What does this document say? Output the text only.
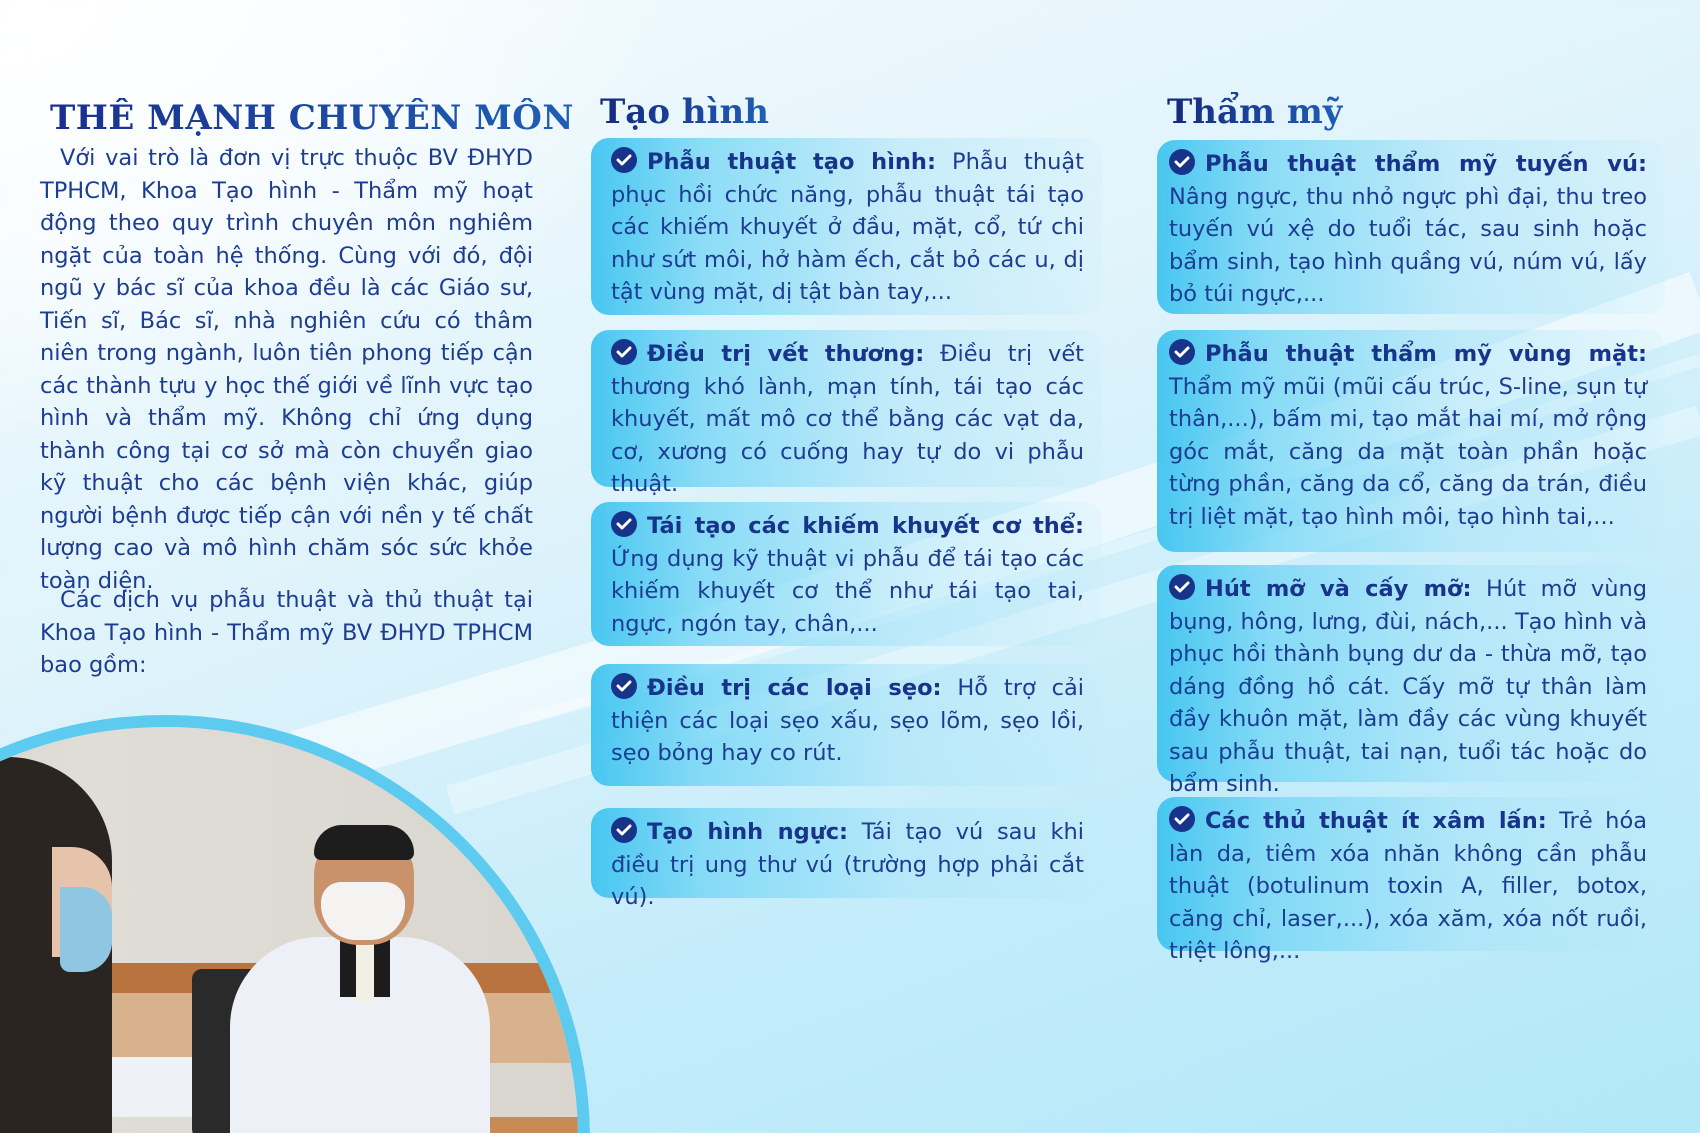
THẾ MẠNH CHUYÊN MÔN

Với vai trò là đơn vị trực thuộc BV ĐHYD TPHCM, Khoa Tạo hình - Thẩm mỹ hoạt động theo quy trình chuyên môn nghiêm ngặt của toàn hệ thống. Cùng với đó, đội ngũ y bác sĩ của khoa đều là các Giáo sư, Tiến sĩ, Bác sĩ, nhà nghiên cứu có thâm niên trong ngành, luôn tiên phong tiếp cận các thành tựu y học thế giới về lĩnh vực tạo hình và thẩm mỹ. Không chỉ ứng dụng thành công tại cơ sở mà còn chuyển giao kỹ thuật cho các bệnh viện khác, giúp người bệnh được tiếp cận với nền y tế chất lượng cao và mô hình chăm sóc sức khỏe toàn diện.

Các dịch vụ phẫu thuật và thủ thuật tại Khoa Tạo hình - Thẩm mỹ BV ĐHYD TPHCM bao gồm:

Tạo hình
Phẫu thuật tạo hình: Phẫu thuật phục hồi chức năng, phẫu thuật tái tạo các khiếm khuyết ở đầu, mặt, cổ, tứ chi như sứt môi, hở hàm ếch, cắt bỏ các u, dị tật vùng mặt, dị tật bàn tay,...
Điều trị vết thương: Điều trị vết thương khó lành, mạn tính, tái tạo các khuyết, mất mô cơ thể bằng các vạt da, cơ, xương có cuống hay tự do vi phẫu thuật.
Tái tạo các khiếm khuyết cơ thể: Ứng dụng kỹ thuật vi phẫu để tái tạo các khiếm khuyết cơ thể như tái tạo tai, ngực, ngón tay, chân,...
Điều trị các loại sẹo: Hỗ trợ cải thiện các loại sẹo xấu, sẹo lõm, sẹo lồi, sẹo bỏng hay co rút.
Tạo hình ngực: Tái tạo vú sau khi điều trị ung thư vú (trường hợp phải cắt vú).
Thẩm mỹ
Phẫu thuật thẩm mỹ tuyến vú: Nâng ngực, thu nhỏ ngực phì đại, thu treo tuyến vú xệ do tuổi tác, sau sinh hoặc bẩm sinh, tạo hình quầng vú, núm vú, lấy bỏ túi ngực,...
Phẫu thuật thẩm mỹ vùng mặt: Thẩm mỹ mũi (mũi cấu trúc, S-line, sụn tự thân,...), bấm mi, tạo mắt hai mí, mở rộng góc mắt, căng da mặt toàn phần hoặc từng phần, căng da cổ, căng da trán, điều trị liệt mặt, tạo hình môi, tạo hình tai,...
Hút mỡ và cấy mỡ: Hút mỡ vùng bụng, hông, lưng, đùi, nách,... Tạo hình và phục hồi thành bụng dư da - thừa mỡ, tạo dáng đồng hồ cát. Cấy mỡ tự thân làm đầy khuôn mặt, làm đầy các vùng khuyết sau phẫu thuật, tai nạn, tuổi tác hoặc do bẩm sinh.
Các thủ thuật ít xâm lấn: Trẻ hóa làn da, tiêm xóa nhăn không cần phẫu thuật (botulinum toxin A, filler, botox, căng chỉ, laser,...), xóa xăm, xóa nốt ruồi, triệt lông,...
